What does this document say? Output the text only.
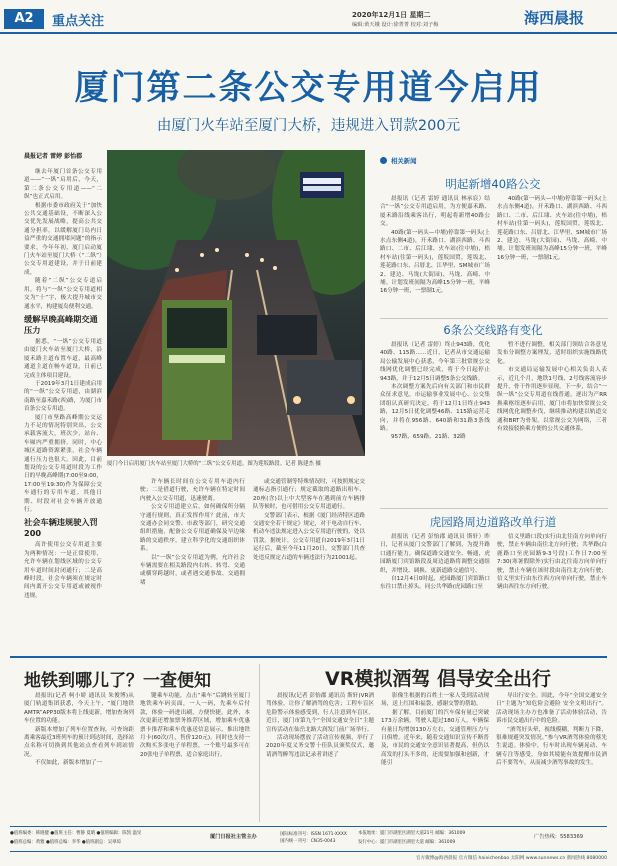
A2	重点关注	2020年12月1日 星期二
编辑:黄天娥 设计:徐菁菁 校对:刘子梅	海西晨报
厦门第二条公交专用道今启用
由厦门火车站至厦门大桥，违规进入罚款200元
晨报记者 雷婷 彭怡郡

继去年厦门首条公交专用道——“一纵”启用后，今天，第二条公交专用道——“二纵”也正式启用。

根据市委市政府关于“加快公共交通基础设，不断深入公交优先发展战略，提高公共交通分担率，以缓解厦门岛内日益严重的交通拥堵问题”的指示要求，今年年初，厦门启动厦门火车站至厦门大桥（“二纵”）公交专用道建设，并于日前建成。

随着“二纵”公交专道启用，将与“一纵”公交专用道相交为“十”字，极大提升城市交通水平，构建厦岛便利交通。

缓解早晚高峰期交通压力

据悉，“一纵”公交专用道由厦门火车站至厦门大桥，沿厦禾路主道布置车道，最高峰通道主道在畅车道设，日前已完成主体项目建设。

于2019年3月1日建成启用的“一纵”公交专用道，由湖滨南路至嘉禾路(西)路，为厦门市首条公交专用道。

厦门市坚路高峰期公交运力不足的情况特别突出，公交承载客流大，班次少，站台、车厢内严重拥挤。同时，中心城区道路资源紧张，社会车辆通行压力也很大。因此，目前划设的公交专用道时段为工作日的早晚高峰期(7:00至9:00，17:00至19:30)作为保障公交车通行的专用车道。其他日期、时段对社会车辆开放通行。

社会车辆违规驶入罚200

高许使用公交专用道主要为两种情况：一是正常使用，允许车辆在划线区域的公交专用车道时间封闭通行；二是高峰时段，社会车辆须在规定时间内离开公交专用道或被视作违规。

厦门今日启用厦门火车站至厦门大桥的“二纵”公交专用道。图为莲坂路段。记者 陈建杰 摄

许车辆长时间在公交专用车道内行驶；二是借道行驶，允许车辆在特定时间内驶入公交专用道，迅速驶离。

公交专用道建立后，如何确保所分隔守通行规则，真正发挥作用？此前，市大交通办会同交警、市政等部门，研究交通组织措施，配备公交专用道确保及早边缘路的交通秩序，建立科学化的交通组织体系。

以“一纵”公交专用道为例，允许社会车辆需要在相关路段内右转、转弯、交通或横穿跨越时，或者遇交通事故、交通拥堵

或交通管制等特殊情况时，可按照规定交通标志指引通行；规定截取的道路出租车、20座(含)以上中大型客车在遇到前方车辆排队等候时，也可借用公交专用道通行。

交警部门表示，根据《厦门经济特区道路交通安全若干规定》规定，对于电动自行车、机动车违法规定进入公交专用道行驶的，处以罚款。据统计，公交专用道自2019年3月1日运行后，截至今年11月20日，交警部门共查处违反规定占道的车辆违法行为21001起。

相关新闻
明起新增40路公交

晨报讯（记者 雷婷 通讯员 林承宸）结合“一纵”公交专用道启用，为方便嘉禾路、厦禾路沿线乘客出行，明起将新增40路公交。

40路(第一码头—中埔)停靠第一码头(上水点东侧4道)，开禾路口、湖滨西路、斗西路口、二市、后江埭、火车站(往中埔)，梧村车站(往第一码头)，莲坂国贸，莲坂北、莲花路口东、吕厝北、江华里、SM城市广场2、建边、马垅(大街园)、马垅、高崎、中埔。计划发班间隔为高峰15分钟一班，平峰16分钟一班，一票制1元。

40路(第一码头—中埔)停靠第一码头(上水点东侧4道)，开禾路口、湖滨西路、斗西路口、二市、后江埭、火车站(往中埔)，梧村车站(往第一码头)，莲坂国贸，莲坂北、莲花路口东、吕厝北、江华里、SM城市广场2、建边、马垅(大街园)、马垅、高崎、中埔。计划发班间隔为高峰15分钟一班，平峰16分钟一班，一票制1元。

6条公交线路有变化

晨报讯（记者 雷婷）终止943路，优化40路、115路……近日，记者从市交通运输局公输发展中心获悉，今年第三批常规公交线网优化调整已经完成，将于今日起停止943路，并于12月5日调整5条公交线路。

本次调整方案先后向有关部门和市民群众征求意见，市运输事业发展中心、公交集团组认真研究决定，将于12月1日终止943路，12月5日优化调整46路、115路运营走向，并将在956路、640路和31路3条线路。

957路、659路、21路、32路

暂不进行调整，相关部门领结合各意见发布分调整方案理发，适时组织实施线路优化。

市交通局运输发展中心相关负责人表示，近几个月，地铁1号线、2号线客流容步提升，骨干作用逐步显现。下一步，结合“一纵一纵”公交专用道在线普通，逐出为产RR换乘枢纽逐步启用，厦门市将加快常规公交线网优化调整步伐，继续推动构建以轨道交通和BRT为骨架，以常规公交为网络，三者有效接驳换乘方便的公共交通体系。

虎园路周边道路改单行道

晨报讯（记者 彭怡郡 通讯员 斯轩）昨日，记者从厦门交警部门了解到，为提升路口通行能力，确保道路交通安全、畅通，虎园路厦门宾馆路段及周边道路将调整交通组织，并增设、调换、更新道路交通信号。

自12月4日0时起，虎园路厦门宾馆路口东往口禁止掉头。同公共华路(虎园路口至

信义里路口段)实行由北往南方向单向行驶，禁止车辆由南往北方向行驶；共华路(白鹿路口至虎园路9-3号段)工作日7:00至7:30(寒暑假除外)实行由北往南方向单向行驶，禁止车辆在该时段由南往北方向行驶；信义里实行由东往西方向单向行驶，禁止车辆由西往东方向行驶。

地铁到哪儿了？一查便知

晨报讯(记者 柯小娇 通讯员 朱俊博)从厦门轨道集团获悉，今天上午，“厦门地铁AMTR”APP30版本将上线更新，增加查询列车位置的功能。

新版本增加了列车位置查询，可查询距离乘客最近3班列车的预计到达时间，选择站点名称可切换到其他站点查看列车到站情况。

不仅如此，新版本增加了一

键乘车功能，点击“乘车”后跳转至厦门地铁乘车码页面，一人一码，先乘车后付款，体验一码进出刷，方便快捷。此外，本次更新还增加票务推荐区域，增加乘车优惠票卡推荐和乘车优惠送信息展示，推出地铁月卡(60次/月，售价120元)。同时也支持一次购买多张电子单程票，一个账号最多可在20张电子单程票，适合家庭出行。

VR模拟酒驾 倡导安全出行

晨报讯(记者 彭怡郡 通讯员 斯轩)VR酒驾体验，让你了解酒驾的危害；工程车盲区危险警示体验感受到，行人注意到车盲区。近日，厦门市第九个“全国交通安全日”主题宣传活动在仙岳北路大润发门前广场举行。

活动现场摆放了活动宣传视频，举行了2020年度义务交警十佳队员颁奖仪式，邀请酒驾醉驾违法记录者讲述了

影像生根据的百姓士一家人受到活动现场，送上红围和福袋，感谢交警的帮助。

据了解，目前厦门的汽车保有量已突破173万余辆，驾驶人超过180万人，车辆保有量日均增加130万左右，交通管理压力与日俱增。近年来，随着交通知识宣传不断普及，市民的交通安全意识显著提高，但仍以高发的打头不多的，还需要加强和创新，才能引

导出行安全。因此，今年“全国交通安全日”主题为“知危险会避险 安全文明出行”。活动现场主办方也准备了活动体验活动，告诉市民交通出行中的危险。

“酒驾好头晕，视线模糊，判断力下降，很难规避突发情况。”参与VR酒驾体验的蔡先生说道。体验中，行车时出现车辆晃动、车辆专注等感受，身如其境能有效提醒市民酒后不要驾车，从而减少酒驾事故的发生。

●值班编委：韩晓健 ●值班主任：曹静 夏晴 ●值班编辑：陈凯 温旻
●值班总编：黄雅 ●值班总编：李华 ●值班副总：吴翠琼
厦门日报社主管主办	国际标准刊号：ISSN 1671-XXXX 国内统一刊号：CN35-0043
本报地址：厦门市湖里区湖里大道21号 邮编：361009
发行中心：厦门市湖里区湖里大道 邮编：361009
广告热线：5583369
官方微博@海西晨报 官方微信 haixichenbao 太阳网 www.sunnews.cn 新闻热线 8080000
